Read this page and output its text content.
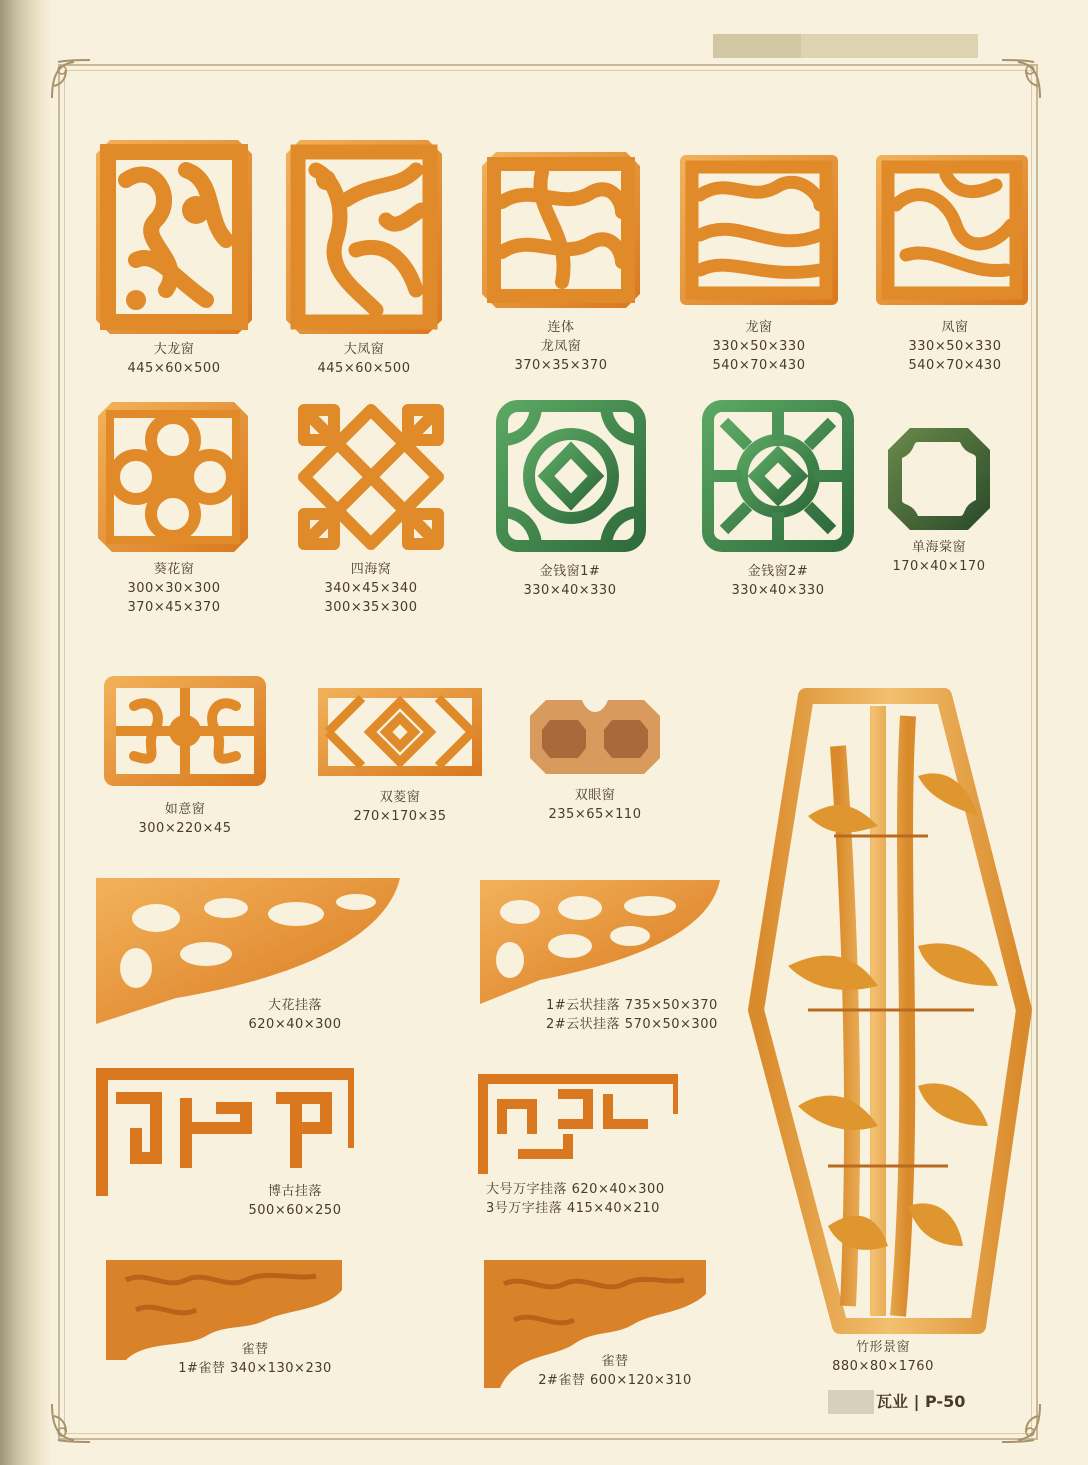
大龙窗
445×60×500
大凤窗
445×60×500
连体
龙凤窗
370×35×370
龙窗
330×50×330
540×70×430
凤窗
330×50×330
540×70×430
葵花窗
300×30×300
370×45×370
四海窝
340×45×340
300×35×300
金钱窗1#
330×40×330
金钱窗2#
330×40×330
单海棠窗
170×40×170
如意窗
300×220×45
双菱窗
270×170×35
双眼窗
235×65×110
大花挂落
620×40×300
1#云状挂落 735×50×370
2#云状挂落 570×50×300
博古挂落
500×60×250
大号万字挂落 620×40×300
3号万字挂落 415×40×210
雀替
1#雀替 340×130×230	雀替
2#雀替 600×120×310
竹形景窗
880×80×1760
瓦业 | P-50
